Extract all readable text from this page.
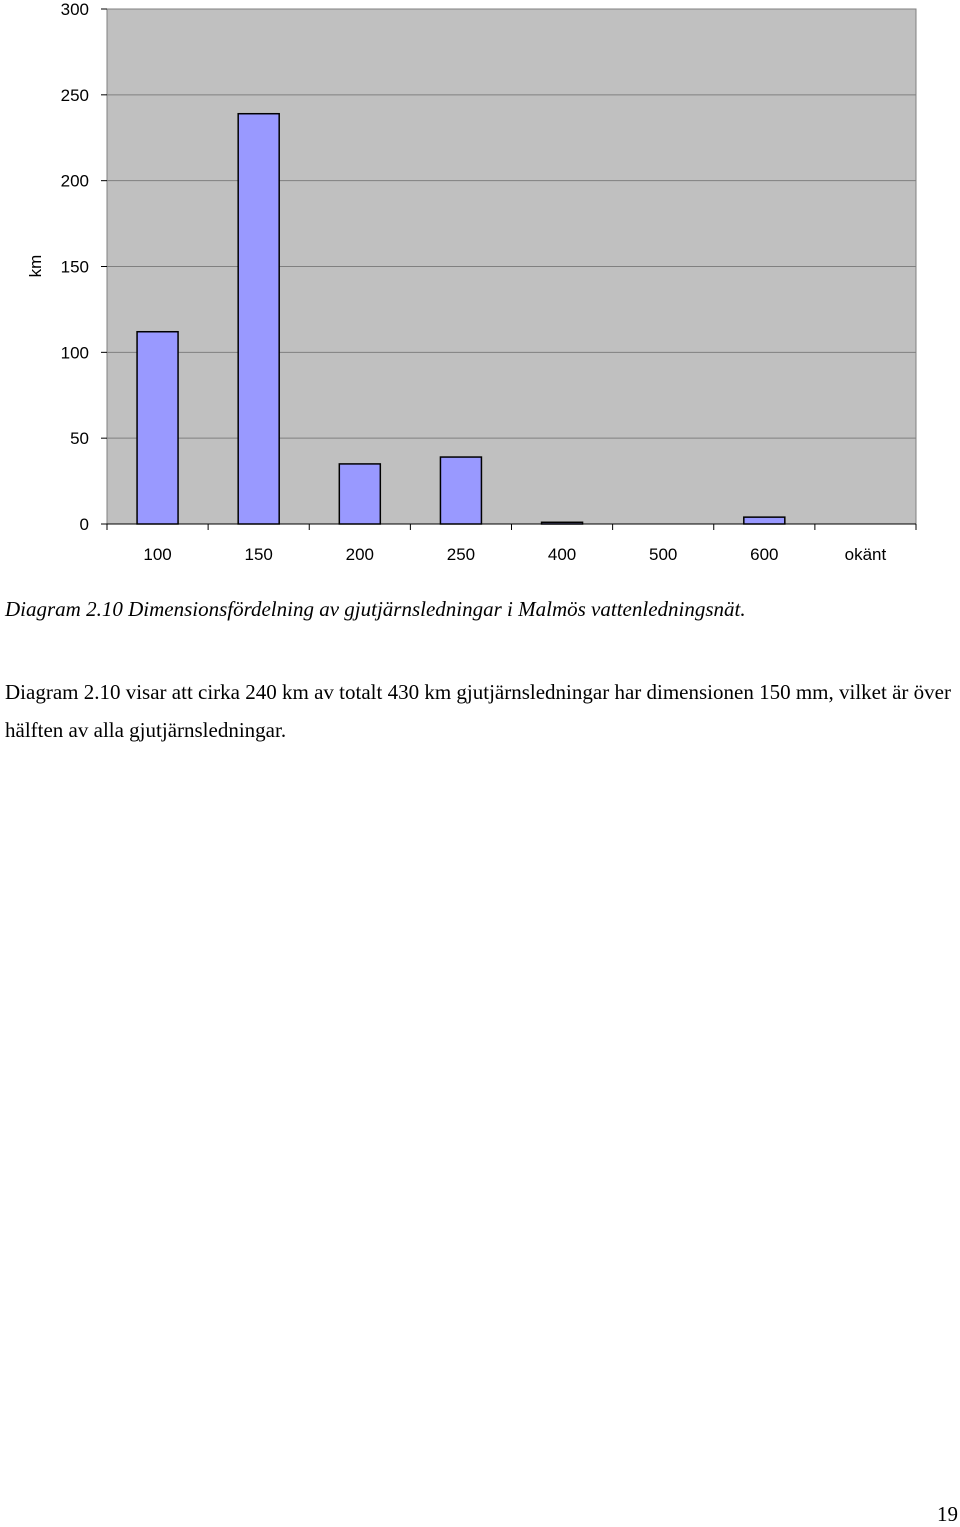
0
50
100
150
200
250
300
100	150	200	250	400	500	600	okänt
km
Diagram 2.10 Dimensionsfördelning av gjutjärnsledningar i Malmös vattenledningsnät.
Diagram 2.10 visar att cirka 240 km av totalt 430 km gjutjärnsledningar har dimensionen 150 mm, vilket är över hälften av alla gjutjärnsledningar.
19
